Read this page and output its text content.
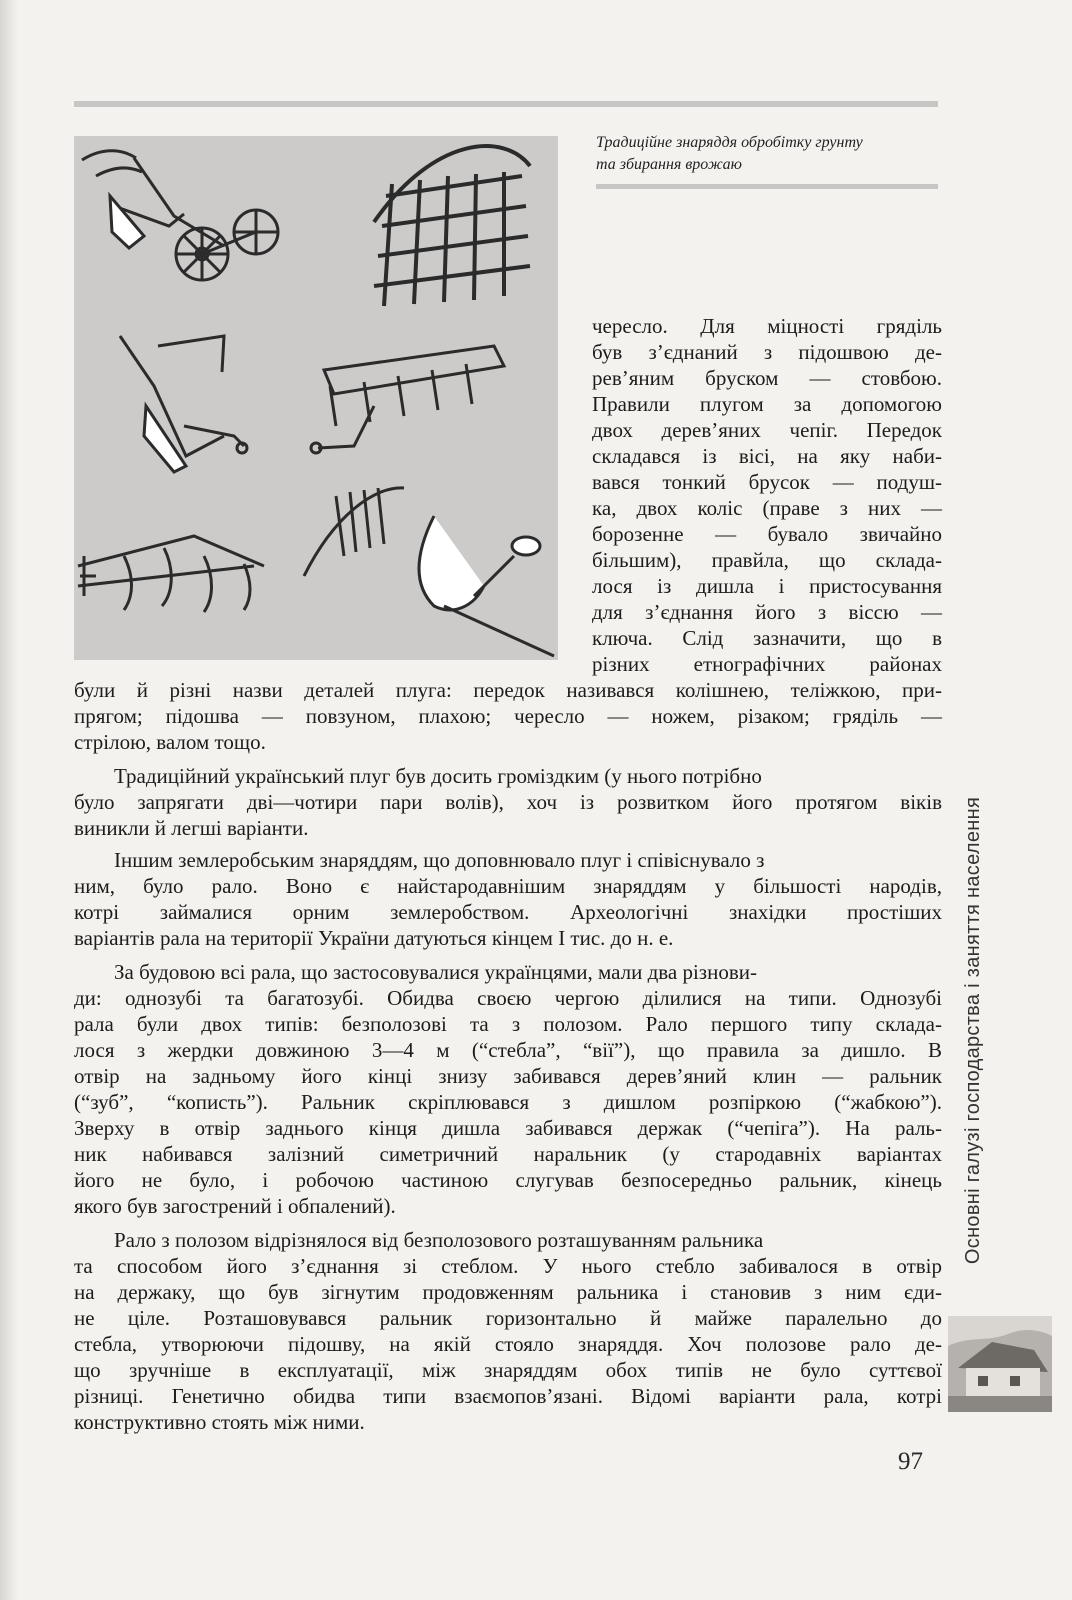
Традиційне знаряддя обробітку грунту
та збирання врожаю
чересло. Для міцності гряділь
був з’єднаний з підошвою де-
рев’яним бруском — стовбою.
Правили плугом за допомогою
двох дерев’яних чепіг. Передок
складався із вісі, на яку наби-
вався тонкий брусок — подуш-
ка, двох коліс (праве з них —
борозенне — бувало звичайно
більшим), правйла, що склада-
лося із дишла і пристосування
для з’єднання його з віссю —
ключа. Слід зазначити, що в
різних етнографічних районах
були й різні назви деталей плуга: передок називався колішнею, теліжкою, при-
прягом; підошва — повзуном, плахою; чересло — ножем, різаком; гряділь —
стрілою, валом тощо.
Традиційний український плуг був досить громіздким (у нього потрібно
було запрягати дві—чотири пари волів), хоч із розвитком його протягом віків
виникли й легші варіанти.
Іншим землеробським знаряддям, що доповнювало плуг і співіснувало з
ним, було рало. Воно є найстародавнішим знаряддям у більшості народів,
котрі займалися орним землеробством. Археологічні знахідки простіших
варіантів рала на території України датуються кінцем І тис. до н. е.
За будовою всі рала, що застосовувалися українцями, мали два різнови-
ди: однозубі та багатозубі. Обидва своєю чергою ділилися на типи. Однозубі
рала були двох типів: безполозові та з полозом. Рало першого типу склада-
лося з жердки довжиною 3—4 м (“стебла”, “вії”), що правила за дишло. В
отвір на задньому його кінці знизу забивався дерев’яний клин — ральник
(“зуб”, “копистьˮ). Ральник скріплювався з дишлом розпіркою (“жабкою”).
Зверху в отвір заднього кінця дишла забивався держак (“чепіга”). На раль-
ник набивався залізний симетричний наральник (у стародавніх варіантах
його не було, і робочою частиною слугував безпосередньо ральник, кінець
якого був загострений і обпалений).
Рало з полозом відрізнялося від безполозового розташуванням ральника
та способом його з’єднання зі стеблом. У нього стебло забивалося в отвір
на держаку, що був зігнутим продовженням ральника і становив з ним єди-
не ціле. Розташовувався ральник горизонтально й майже паралельно до
стебла, утворюючи підошву, на якій стояло знаряддя. Хоч полозове рало де-
що зручніше в експлуатації, між знаряддям обох типів не було суттєвої
різниці. Генетично обидва типи взаємопов’язані. Відомі варіанти рала, котрі
конструктивно стоять між ними.
Основні галузі господарства і заняття населення
97
